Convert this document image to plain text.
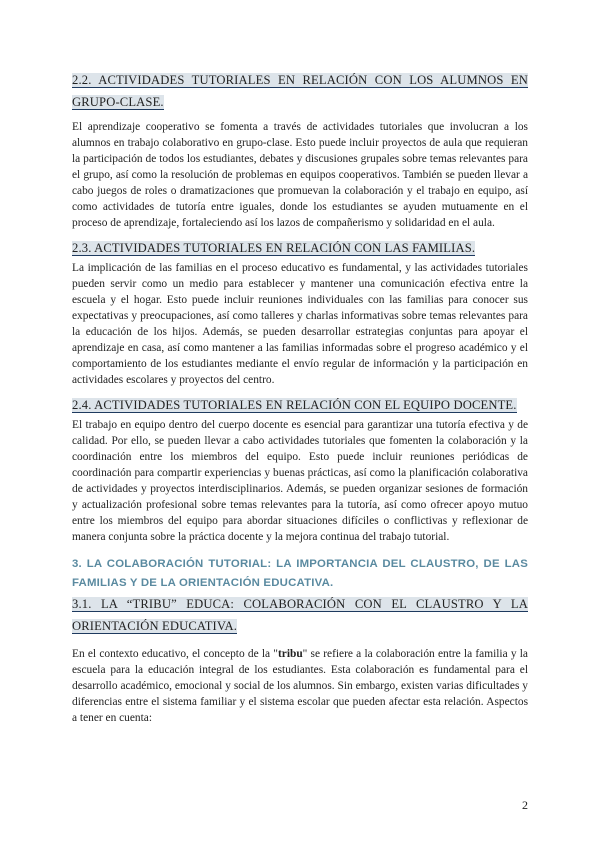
2.2. ACTIVIDADES TUTORIALES EN RELACIÓN CON LOS ALUMNOS EN

GRUPO-CLASE.

El aprendizaje cooperativo se fomenta a través de actividades tutoriales que involucran a los alumnos en trabajo colaborativo en grupo-clase. Esto puede incluir proyectos de aula que requieran la participación de todos los estudiantes, debates y discusiones grupales sobre temas relevantes para el grupo, así como la resolución de problemas en equipos cooperativos. También se pueden llevar a cabo juegos de roles o dramatizaciones que promuevan la colaboración y el trabajo en equipo, así como actividades de tutoría entre iguales, donde los estudiantes se ayuden mutuamente en el proceso de aprendizaje, fortaleciendo así los lazos de compañerismo y solidaridad en el aula.

2.3. ACTIVIDADES TUTORIALES EN RELACIÓN CON LAS FAMILIAS.

La implicación de las familias en el proceso educativo es fundamental, y las actividades tutoriales pueden servir como un medio para establecer y mantener una comunicación efectiva entre la escuela y el hogar. Esto puede incluir reuniones individuales con las familias para conocer sus expectativas y preocupaciones, así como talleres y charlas informativas sobre temas relevantes para la educación de los hijos. Además, se pueden desarrollar estrategias conjuntas para apoyar el aprendizaje en casa, así como mantener a las familias informadas sobre el progreso académico y el comportamiento de los estudiantes mediante el envío regular de información y la participación en actividades escolares y proyectos del centro.

2.4. ACTIVIDADES TUTORIALES EN RELACIÓN CON EL EQUIPO DOCENTE.

El trabajo en equipo dentro del cuerpo docente es esencial para garantizar una tutoría efectiva y de calidad. Por ello, se pueden llevar a cabo actividades tutoriales que fomenten la colaboración y la coordinación entre los miembros del equipo. Esto puede incluir reuniones periódicas de coordinación para compartir experiencias y buenas prácticas, así como la planificación colaborativa de actividades y proyectos interdisciplinarios. Además, se pueden organizar sesiones de formación y actualización profesional sobre temas relevantes para la tutoría, así como ofrecer apoyo mutuo entre los miembros del equipo para abordar situaciones difíciles o conflictivas y reflexionar de manera conjunta sobre la práctica docente y la mejora continua del trabajo tutorial.

3. LA COLABORACIÓN TUTORIAL: LA IMPORTANCIA DEL CLAUSTRO, DE LAS FAMILIAS Y DE LA ORIENTACIÓN EDUCATIVA.

3.1. LA “TRIBU” EDUCA: COLABORACIÓN CON EL CLAUSTRO Y LA

ORIENTACIÓN EDUCATIVA.

En el contexto educativo, el concepto de la "tribu" se refiere a la colaboración entre la familia y la escuela para la educación integral de los estudiantes. Esta colaboración es fundamental para el desarrollo académico, emocional y social de los alumnos. Sin embargo, existen varias dificultades y diferencias entre el sistema familiar y el sistema escolar que pueden afectar esta relación. Aspectos a tener en cuenta:

2
